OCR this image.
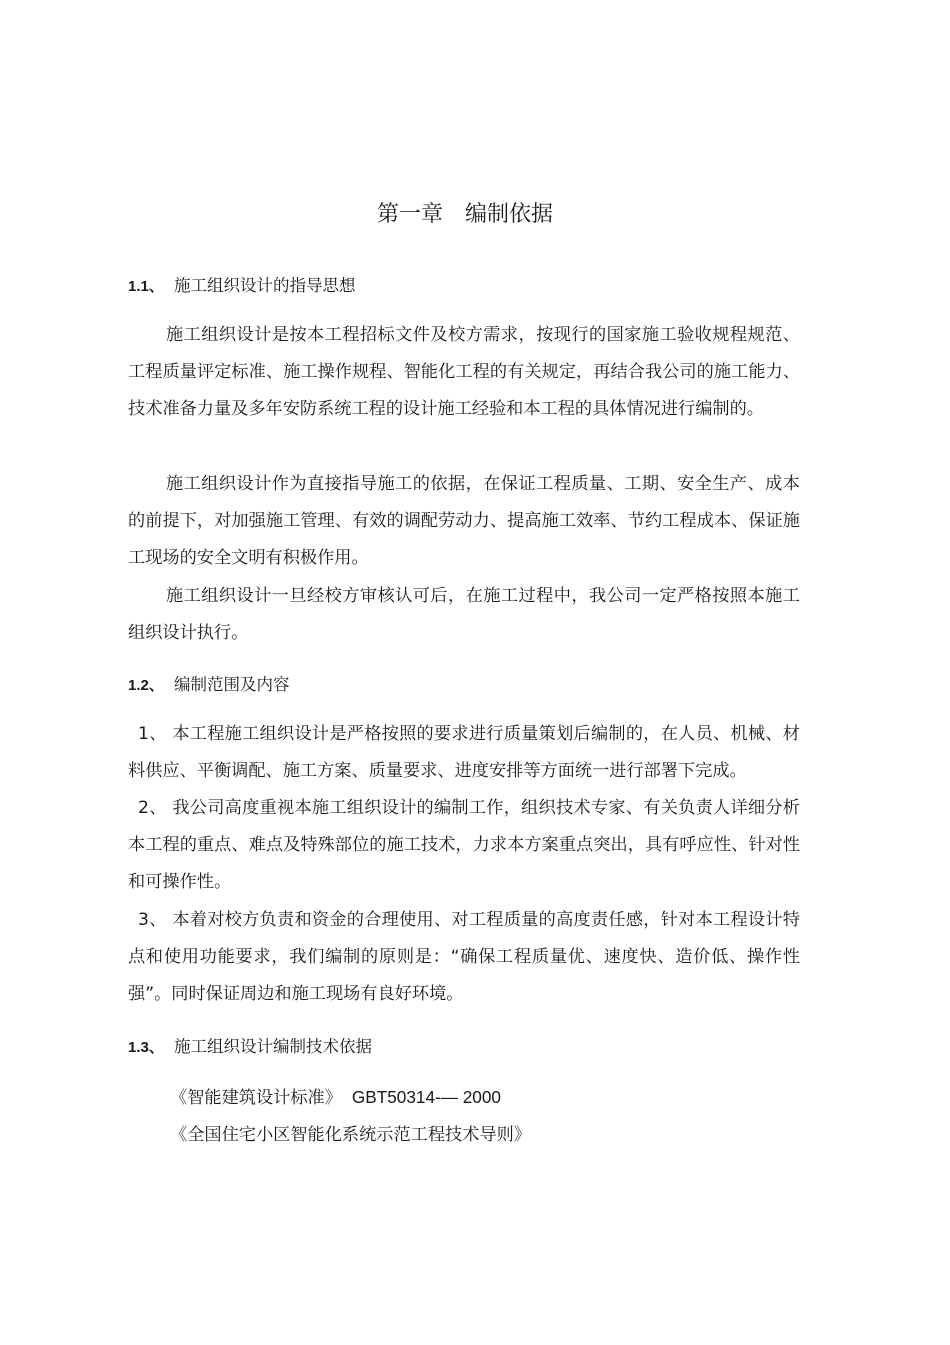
第一章　编制依据
1.1、 施工组织设计的指导思想

施工组织设计是按本工程招标文件及校方需求，按现行的国家施工验收规程规范、工程质量评定标准、施工操作规程、智能化工程的有关规定，再结合我公司的施工能力、技术准备力量及多年安防系统工程的设计施工经验和本工程的具体情况进行编制的。

施工组织设计作为直接指导施工的依据，在保证工程质量、工期、安全生产、成本的前提下，对加强施工管理、有效的调配劳动力、提高施工效率、节约工程成本、保证施工现场的安全文明有积极作用。

施工组织设计一旦经校方审核认可后，在施工过程中，我公司一定严格按照本施工组织设计执行。

1.2、 编制范围及内容

1、 本工程施工组织设计是严格按照的要求进行质量策划后编制的，在人员、机械、材料供应、平衡调配、施工方案、质量要求、进度安排等方面统一进行部署下完成。

2、 我公司高度重视本施工组织设计的编制工作，组织技术专家、有关负责人详细分析本工程的重点、难点及特殊部位的施工技术，力求本方案重点突出，具有呼应性、针对性和可操作性。

3、 本着对校方负责和资金的合理使用、对工程质量的高度责任感，针对本工程设计特点和使用功能要求，我们编制的原则是：“确保工程质量优、速度快、造价低、操作性强”。同时保证周边和施工现场有良好环境。

1.3、 施工组织设计编制技术依据
《智能建筑设计标准》 GBT50314-— 2000
《全国住宅小区智能化系统示范工程技术导则》
